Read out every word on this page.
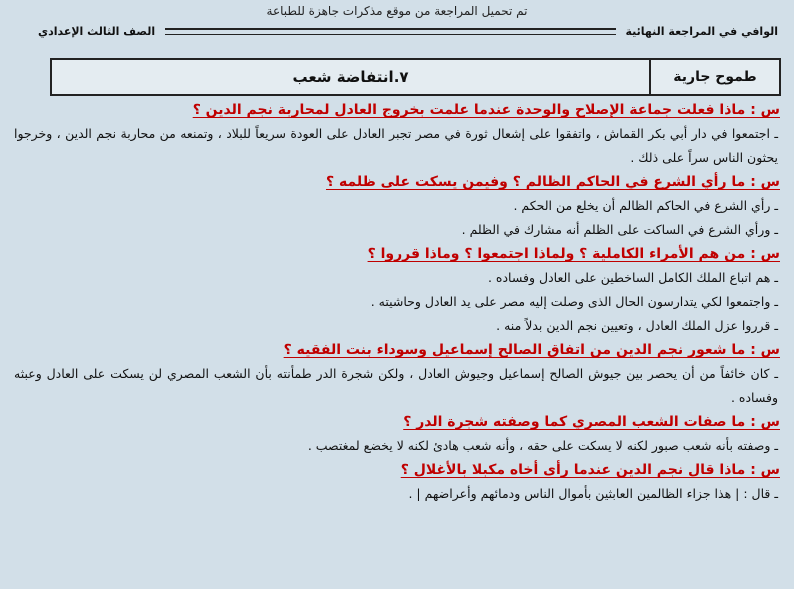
تم تحميل المراجعة من موقع مذكرات جاهزة للطباعة
الوافي في المراجعة النهائية
الصف الثالث الإعدادي
طموح جارية
٧.انتفاضة شعب
س : ماذا فعلت جماعة الإصلاح والوحدة عندما علمت بخروج العادل لمحاربة نجم الدين ؟
ـ اجتمعوا في دار أبي بكر القماش ، واتفقوا على إشعال ثورة في مصر تجبر العادل على العودة سريعاً للبلاد ، وتمنعه من محاربة نجم الدين ، وخرجوا يحثون الناس سراً على ذلك .
س : ما رأي الشرع في الحاكم الظالم ؟ وفيمن يسكت على ظلمه ؟
ـ رأي الشرع في الحاكم الظالم أن يخلع من الحكم .
ـ ورأي الشرع في الساكت على الظلم أنه مشارك في الظلم .
س : من هم الأمراء الكاملية ؟ ولماذا اجتمعوا ؟ وماذا قرروا ؟
ـ هم اتباع الملك الكامل الساخطين على العادل وفساده .
ـ واجتمعوا لكي يتدارسون الحال الذى وصلت إليه مصر على يد العادل وحاشيته .
ـ قرروا عزل الملك العادل ، وتعيين نجم الدين بدلاً منه .
س : ما شعور نجم الدين من اتفاق الصالح إسماعيل وسوداء بنت الفقيه ؟
ـ كان خائفاً من أن يحصر بين جيوش الصالح إسماعيل وجيوش العادل ، ولكن شجرة الدر طمأنته بأن الشعب المصري لن يسكت على العادل وعبثه وفساده .
س : ما صفات الشعب المصري كما وصفته شجرة الدر ؟
ـ وصفته بأنه شعب صبور لكنه لا يسكت على حقه ، وأنه شعب هادئ لكنه لا يخضع لمغتصب .
س : ماذا قال نجم الدين عندما رأى أخاه مكبلا بالأغلال ؟
ـ قال : | هذا جزاء الظالمين العابثين بأموال الناس ودمائهم وأعراضهم | .
